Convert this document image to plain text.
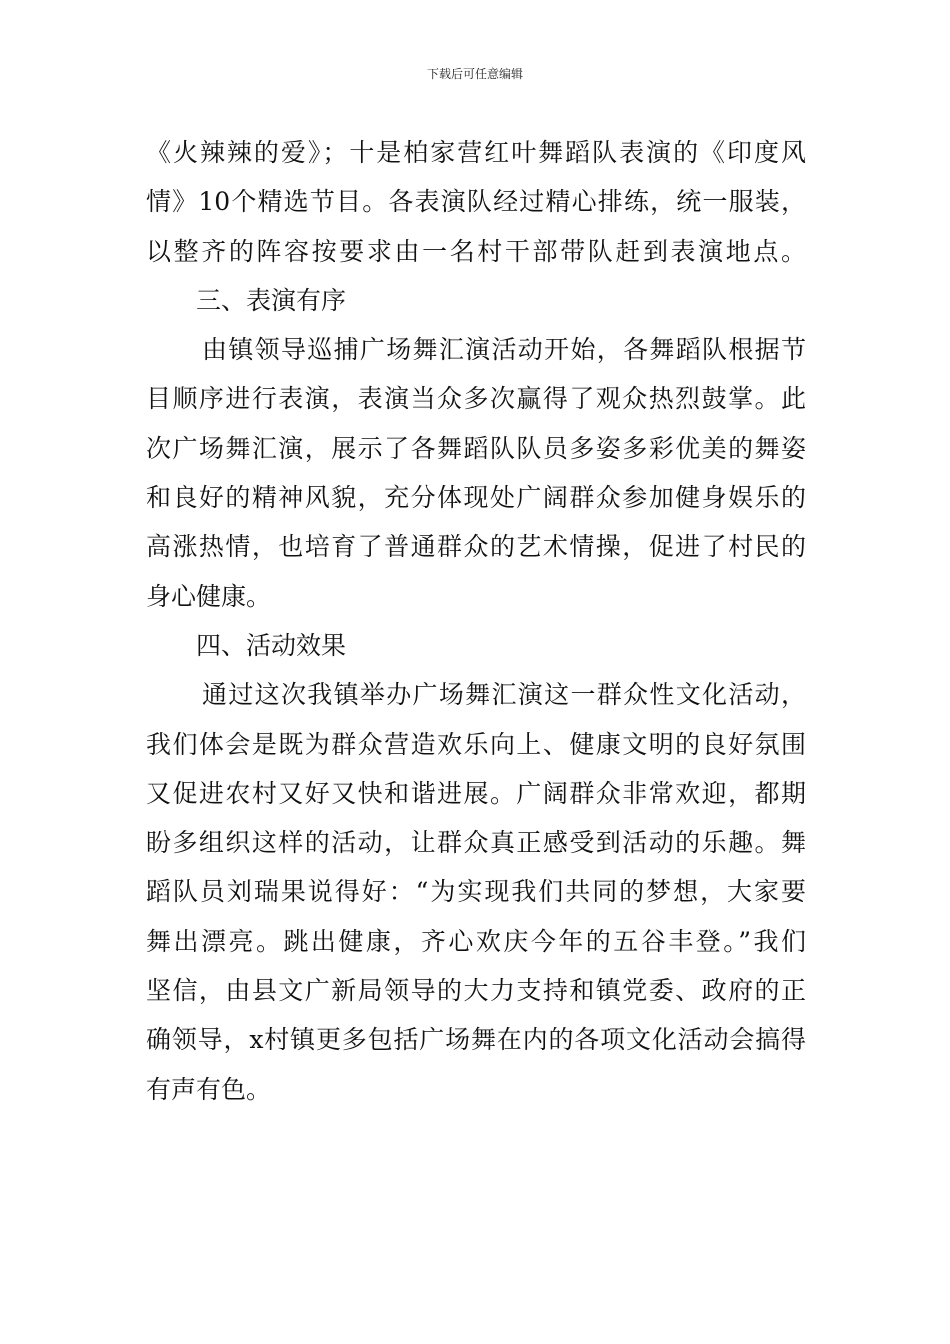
下载后可任意编辑
《火辣辣的爱》；十是柏家营红叶舞蹈队表演的《印度风
情》10个精选节目。各表演队经过精心排练，统一服装，
以整齐的阵容按要求由一名村干部带队赶到表演地点。
三、表演有序
由镇领导巡捕广场舞汇演活动开始，各舞蹈队根据节
目顺序进行表演，表演当众多次赢得了观众热烈鼓掌。此
次广场舞汇演，展示了各舞蹈队队员多姿多彩优美的舞姿
和良好的精神风貌，充分体现处广阔群众参加健身娱乐的
高涨热情，也培育了普通群众的艺术情操，促进了村民的
身心健康。
四、活动效果
通过这次我镇举办广场舞汇演这一群众性文化活动，
我们体会是既为群众营造欢乐向上、健康文明的良好氛围
又促进农村又好又快和谐进展。广阔群众非常欢迎，都期
盼多组织这样的活动，让群众真正感受到活动的乐趣。舞
蹈队员刘瑞果说得好：“为实现我们共同的梦想，大家要
舞出漂亮。跳出健康，齐心欢庆今年的五谷丰登。”我们
坚信，由县文广新局领导的大力支持和镇党委、政府的正
确领导，x村镇更多包括广场舞在内的各项文化活动会搞得
有声有色。
